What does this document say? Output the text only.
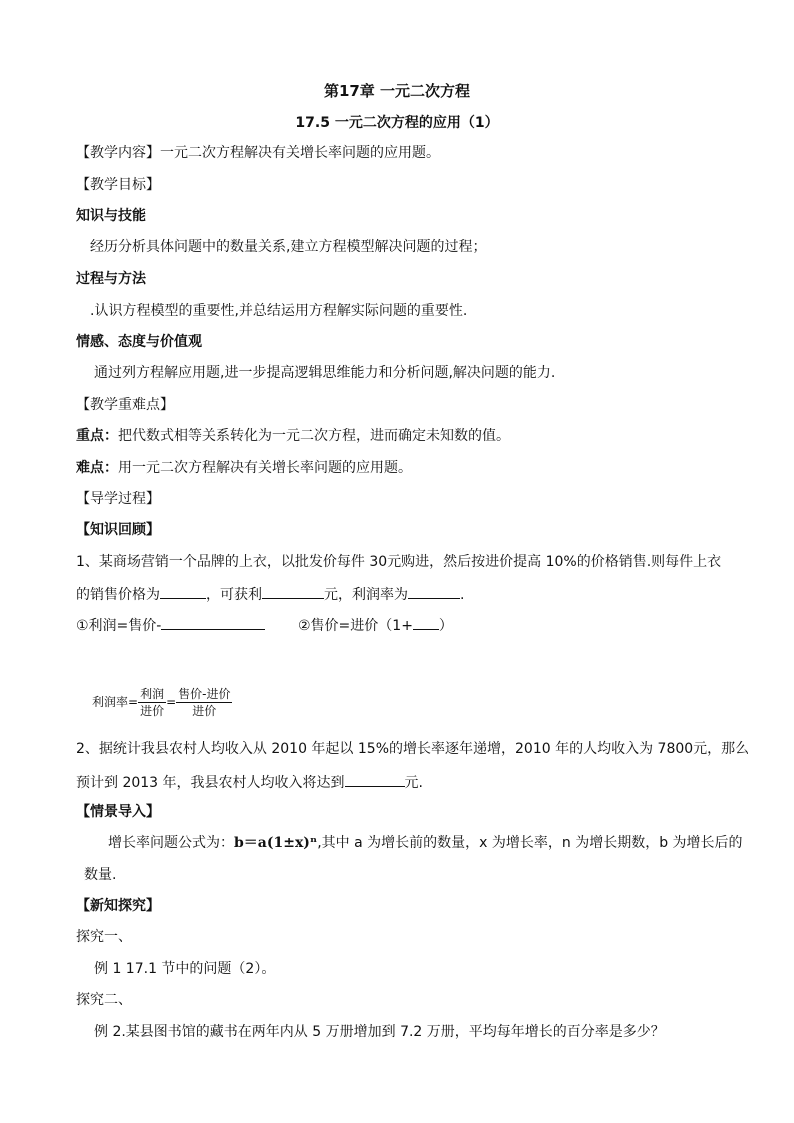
第17章 一元二次方程
17.5 一元二次方程的应用（1）
【教学内容】一元二次方程解决有关增长率问题的应用题。
【教学目标】
知识与技能
经历分析具体问题中的数量关系,建立方程模型解决问题的过程；
过程与方法
.认识方程模型的重要性,并总结运用方程解实际问题的重要性.
情感、态度与价值观
通过列方程解应用题,进一步提高逻辑思维能力和分析问题,解决问题的能力.
【教学重难点】
重点：把代数式相等关系转化为一元二次方程，进而确定未知数的值。
难点：用一元二次方程解决有关增长率问题的应用题。
【导学过程】
【知识回顾】
1、某商场营销一个品牌的上衣，以批发价每件 30元购进，然后按进价提高 10%的价格销售.则每件上衣
的销售价格为	，可获利	元，利润率为	.
①利润=售价-	②售价=进价（1+ ）
利润率= $\frac{\text{利润}}{\text{进价}} = \frac{\text{售价-进价}}{\text{进价}}$
2、据统计我县农村人均收入从 2010 年起以 15%的增长率逐年递增，2010 年的人均收入为 7800元，那么
预计到 2013 年，我县农村人均收入将达到	元.
【情景导入】
增长率问题公式为：b＝a(1±x)ⁿ,其中 a 为增长前的数量，x 为增长率，n 为增长期数，b 为增长后的
数量.
【新知探究】
探究一、
例 1 17.1 节中的问题（2）。
探究二、
例 2.某县图书馆的藏书在两年内从 5 万册增加到 7.2 万册，平均每年增长的百分率是多少？
